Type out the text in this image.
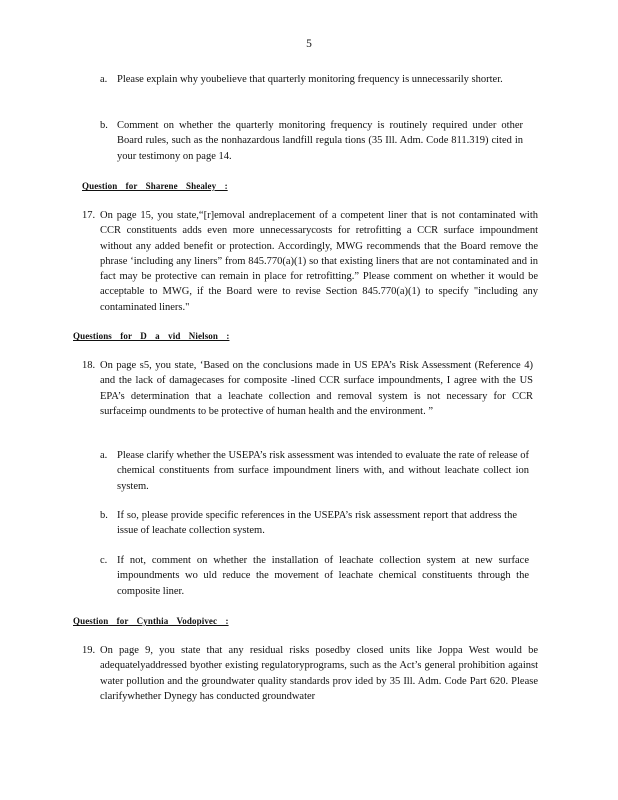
5
a. Please explain why youbelieve that quarterly monitoring frequency is unnecessarily shorter.

b. Comment on whether the quarterly monitoring frequency is routinely required under other Board rules, such as the nonhazardous landfill regula tions (35 Ill. Adm. Code 811.319) cited in your testimony on page 14.

Question for Sharene Shealey :
17. On page 15, you state,“[r]emoval andreplacement of a competent liner that is not contaminated with CCR constituents adds even more unnecessarycosts for retrofitting a CCR surface impoundment without any added benefit or protection. Accordingly, MWG recommends that the Board remove the phrase ‘including any liners” from 845.770(a)(1) so that existing liners that are not contaminated and in fact may be protective can remain in place for retrofitting.” Please comment on whether it would be acceptable to MWG, if the Board were to revise Section 845.770(a)(1) to specify "including any contaminated liners."

Questions for D a vid Nielson :
18. On page s5, you state, ‘Based on the conclusions made in US EPA’s Risk Assessment (Reference 4) and the lack of damagecases for composite -lined CCR surface impoundments, I agree with the US EPA’s determination that a leachate collection and removal system is not necessary for CCR surfaceimp oundments to be protective of human health and the environment. ”

a. Please clarify whether the USEPA’s risk assessment was intended to evaluate the rate of release of chemical constituents from surface impoundment liners with, and without leachate collect ion system.

b. If so, please provide specific references in the USEPA’s risk assessment report that address the issue of leachate collection system.

c. If not, comment on whether the installation of leachate collection system at new surface impoundments wo uld reduce the movement of leachate chemical constituents through the composite liner.

Question for Cynthia Vodopivec :
19. On page 9, you state that any residual risks posedby closed units like Joppa West would be adequatelyaddressed byother existing regulatoryprograms, such as the Act’s general prohibition against water pollution and the groundwater quality standards prov ided by 35 Ill. Adm. Code Part 620. Please clarifywhether Dynegy has conducted groundwater
